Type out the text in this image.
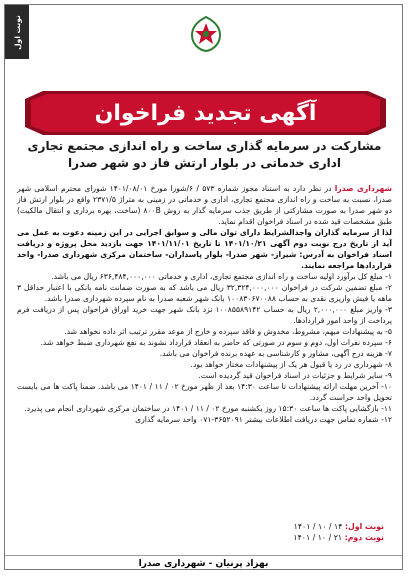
نوبت اول
آگهی تجدید فراخوان
مشارکت در سرمایه گذاری ساخت و راه اندازی مجتمع تجاری اداری خدماتی در بلوار ارتش فاز دو شهر صدرا

شهرداری صدرا در نظر دارد به استناد مجوز شماره ۵۷۳ / ۶/شورا مورخ ۱۴۰۱/۰۸/۰۱ شورای محترم اسلامی شهر صدرا، نسبت به ساخت و راه اندازی مجتمع تجاری، اداری و خدماتی در زمینی به متراژ ۲۳۷۱/۵ واقع در بلوار ارتش فاز دو شهر صدرا به صورت مشارکتی از طریق جذب سرمایه گذار به روش ۸۰۰B (ساخت، بهره برداری و انتقال مالکیت) طبق مشخصات قید شده در اسناد فراخوان اقدام نماید.

لذا از سرمایه گذاران واجدالشرایط دارای توان مالی و سوابق اجرایی در این زمینه دعوت به عمل می آید از تاریخ درج نوبت دوم آگهی ۱۴۰۱/۱۰/۲۱ تا تاریخ ۱۴۰۱/۱۱/۰۱ جهت بازدید محل پروژه و دریافت اسناد فراخوان به آدرس: شیراز- شهر صدرا- بلوار پاسداران- ساختمان مرکزی شهرداری صدرا- واحد قراردادها مراجعه نمایند.

۱- مبلغ کل برآورد اولیه ساخت و راه اندازی مجتمع تجاری، اداری و خدماتی ۶۳۶,۴۸۴,۰۰۰,۰۰۰ ریال می باشد.

۲- مبلغ تضمین شرکت در فراخوان ۳۲,۳۲۴,۰۰۰,۰۰۰ ریال می باشد که به صورت ضمانت نامه بانکی با اعتبار حداقل ۳ ماهه یا فیش واریزی نقدی به حساب ۱۰۰۸۳۰۶۷۰۰۸۸ بانک شهر شعبه صدرا به نام سپرده شهرداری صدرا باشد.

۳- واریز مبلغ ۲,۰۰۰,۰۰۰ ریال به حساب ۱۰۰۸۵۵۸۹۱۴۲ نزد بانک شهر جهت خرید اوراق فراخوان پس از دریافت فرم پرداخت از واحد امور قراردادها.

۵- به پیشنهادات مبهم، مشروط، مخدوش و فاقد سپرده و خارج از موعد مقرر ترتیب اثر داده نخواهد شد.

۶- سپرده نفرات اول، دوم و سوم در صورتی که حاضر به انعقاد قرارداد نشوند به نفع شهرداری ضبط خواهد شد.

۷- هزینه درج آگهی، مشاور و کارشناسی به عهده برنده فراخوان می باشد.

۸- شهرداری در رد یا قبول هر یک از پیشنهادات مختار خواهد بود.

۹- سایر شرایط و جزئیات در اسناد فراخوان قید گردیده است.

۱۰- آخرین مهلت ارائه پیشنهادات تا ساعت ۱۴:۳۰ بعد از ظهر مورخ ۰۲ / ۱۱ / ۱۴۰۱ می باشد. ضمنا پاکت ها می بایست تحویل واحد حراست گردد.

۱۱- بازگشایی پاکت ها ساعت ۱۵:۳۰ روز یکشنبه مورخ ۰۲ / ۱۱ / ۱۴۰۱ در ساختمان مرکزی شهرداری انجام می پذیرد.

۱۲- شماره تماس جهت دریافت اطلاعات بیشتر ۳۶۵۲۰۹۱-۰۷۱ واحد سرمایه گذاری

نوبت اول: ۱۴ / ۱۰ / ۱۴۰۱
نوبت دوم: ۲۱ / ۱۰ / ۱۴۰۱
بهزاد پرنیان - شهرداری صدرا
